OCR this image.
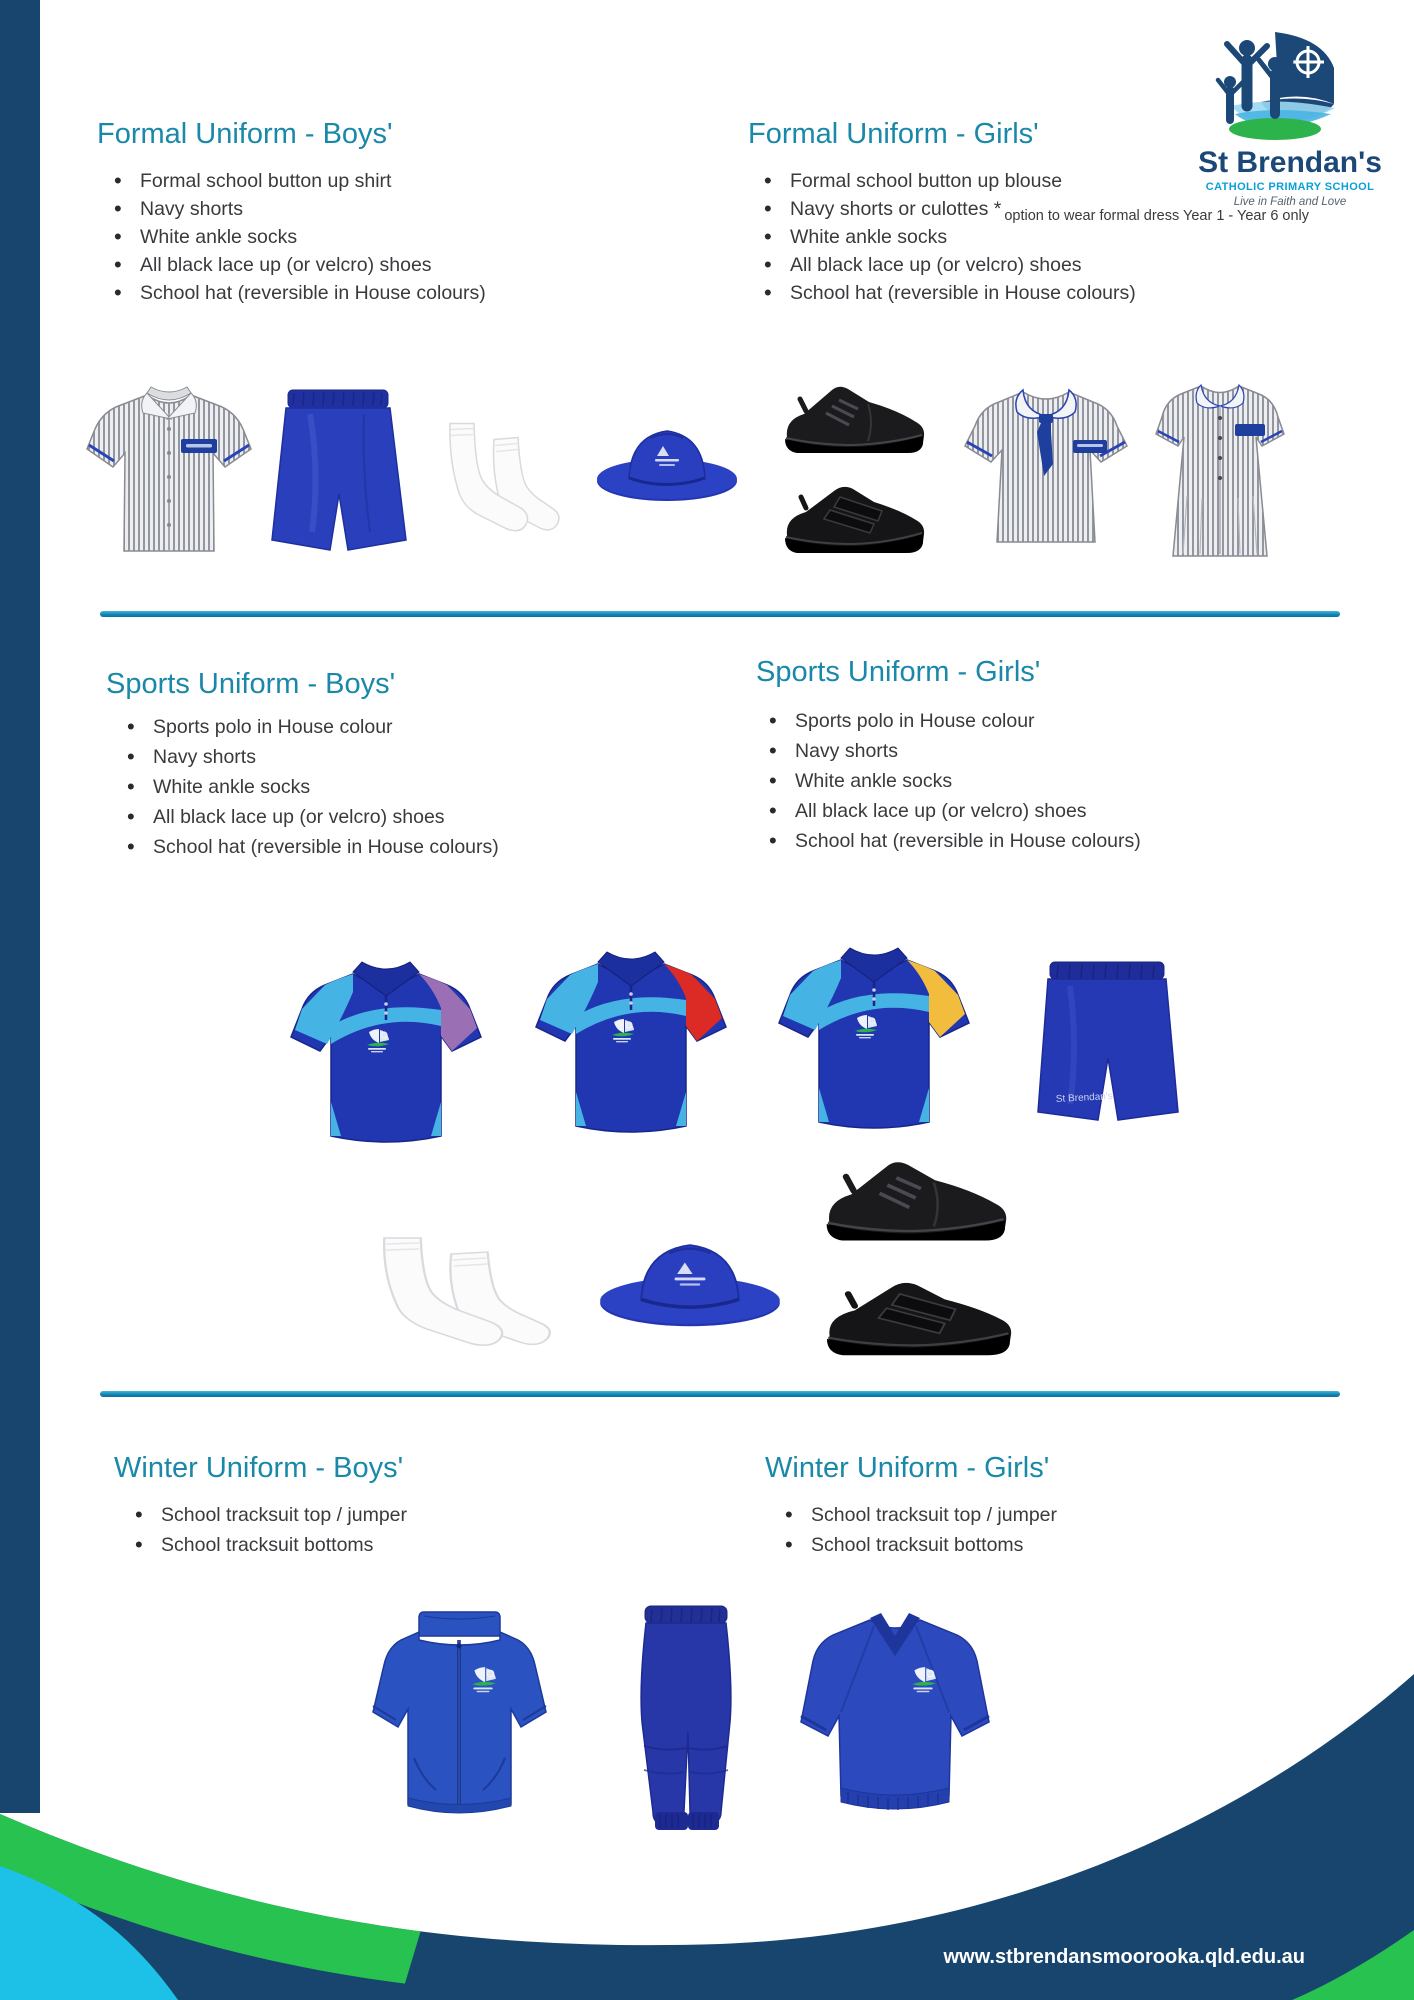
St Brendan's
CATHOLIC PRIMARY SCHOOL
Live in Faith and Love
Formal Uniform - Boys'
• Formal school button up shirt
• Navy shorts
• White ankle socks
• All black lace up (or velcro) shoes
• School hat (reversible in House colours)
Formal Uniform - Girls'
• Formal school button up blouse
• Navy shorts or culottes * $_{option to wear formal dress Year 1 - Year 6 only}$
• White ankle socks
• All black lace up (or velcro) shoes
• School hat (reversible in House colours)
Sports Uniform - Boys'
• Sports polo in House colour
• Navy shorts
• White ankle socks
• All black lace up (or velcro) shoes
• School hat (reversible in House colours)
Sports Uniform - Girls'
• Sports polo in House colour
• Navy shorts
• White ankle socks
• All black lace up (or velcro) shoes
• School hat (reversible in House colours)
St Brendan's
Winter Uniform - Boys'
• School tracksuit top / jumper
• School tracksuit bottoms
Winter Uniform - Girls'
• School tracksuit top / jumper
• School tracksuit bottoms
www.stbrendansmoorooka.qld.edu.au
